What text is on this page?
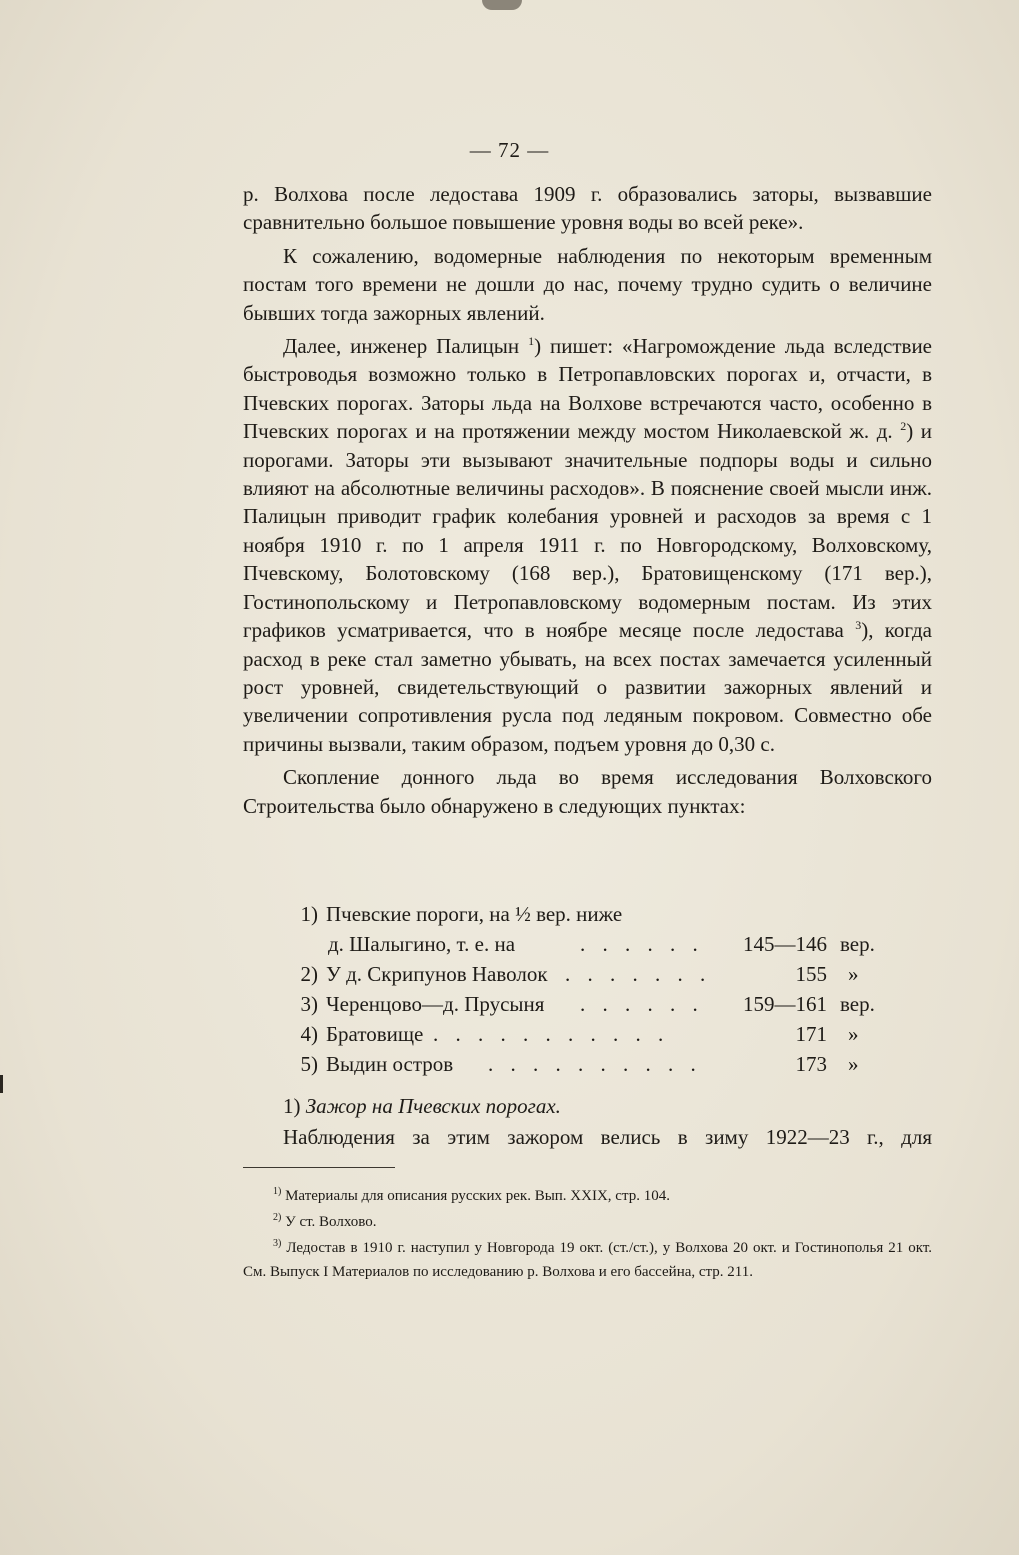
— 72 —

р. Волхова после ледостава 1909 г. образовались заторы, вызвавшие сравнительно большое повышение уровня воды во всей реке».

К сожалению, водомерные наблюдения по некоторым временным постам того времени не дошли до нас, почему трудно судить о величине бывших тогда зажорных явлений.

Далее, инженер Палицын $^1$) пишет: «Нагромождение льда вследствие быстроводья возможно только в Петропавловских порогах и, отчасти, в Пчевских порогах. Заторы льда на Волхове встречаются часто, особенно в Пчевских порогах и на протяжении между мостом Николаевской ж. д. $^2$) и порогами. Заторы эти вызывают значительные подпоры воды и сильно влияют на абсолютные величины расходов». В пояснение своей мысли инж. Палицын приводит график колебания уровней и расходов за время с 1 ноября 1910 г. по 1 апреля 1911 г. по Новгородскому, Волховскому, Пчевскому, Болотовскому (168 вер.), Братовищенскому (171 вер.), Гостинопольскому и Петропавловскому водомерным постам. Из этих графиков усматривается, что в ноябре месяце после ледостава $^3$), когда расход в реке стал заметно убывать, на всех постах замечается усиленный рост уровней, свидетельствующий о развитии зажорных явлений и увеличении сопротивления русла под ледяным покровом. Совместно обе причины вызвали, таким образом, подъем уровня до 0,30 с.

Скопление донного льда во время исследования Волховского Строительства было обнаружено в следующих пунктах:

1) Пчевские пороги, на ½ вер. ниже
д. Шалыгино, т. е. на	. . . . . .	145—146 вер.
2) У д. Скрипунов Наволок . . . . . . .	155 »
3) Черенцово—д. Прусыня . . . . . .	159—161 вер.
4) Братовище . . . . . . . . . . .	171 »
5) Выдин остров . . . . . . . . . .	173 »
1) Зажор на Пчевских порогах.
Наблюдения за этим зажором велись в зиму 1922—23 г., для

$^{1)}$ Материалы для описания русских рек. Вып. XXIX, стр. 104.

$^{2)}$ У ст. Волхово.

$^{3)}$ Ледостав в 1910 г. наступил у Новгорода 19 окт. (ст./ст.), у Волхова 20 окт. и Гостинополья 21 окт. См. Выпуск I Материалов по исследованию р. Волхова и его бассейна, стр. 211.
